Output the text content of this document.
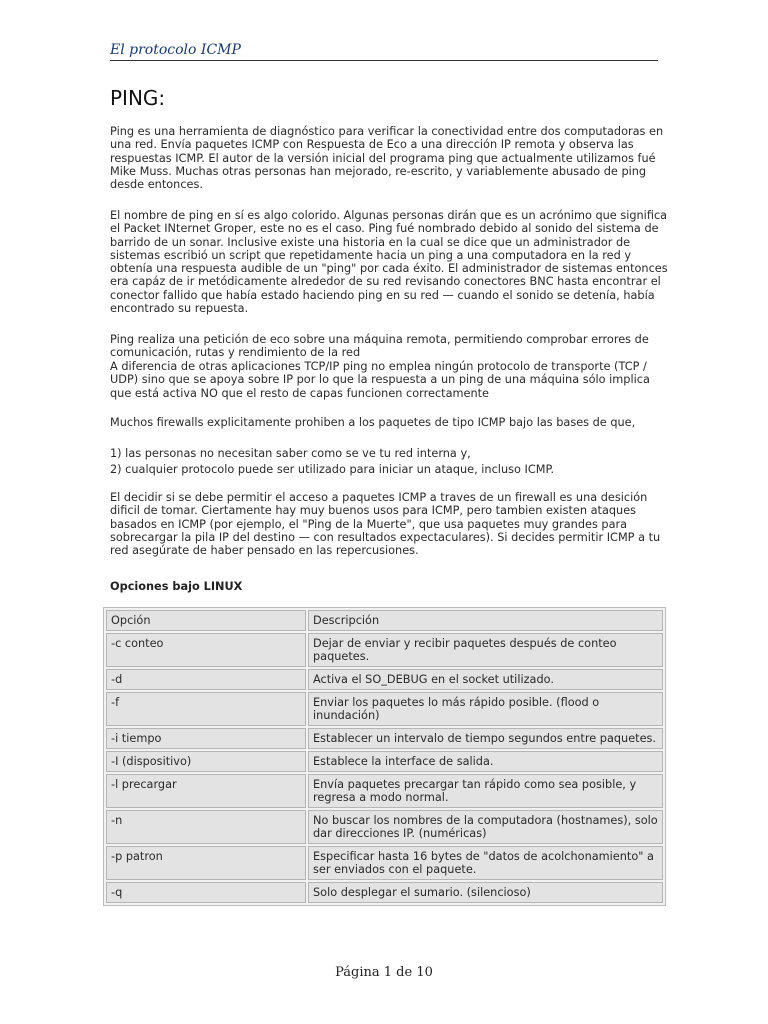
El protocolo ICMP
PING:

Ping es una herramienta de diagnóstico para verificar la conectividad entre dos computadoras en una red. Envía paquetes ICMP con Respuesta de Eco a una dirección IP remota y observa las respuestas ICMP. El autor de la versión inicial del programa ping que actualmente utilizamos fué Mike Muss. Muchas otras personas han mejorado, re-escrito, y variablemente abusado de ping desde entonces.

El nombre de ping en sí es algo colorido. Algunas personas dirán que es un acrónimo que significa el Packet INternet Groper, este no es el caso. Ping fué nombrado debido al sonido del sistema de barrido de un sonar. Inclusive existe una historia en la cual se dice que un administrador de sistemas escribió un script que repetidamente hacia un ping a una computadora en la red y obtenía una respuesta audible de un "ping" por cada éxito. El administrador de sistemas entonces era capáz de ir metódicamente alrededor de su red revisando conectores BNC hasta encontrar el conector fallido que había estado haciendo ping en su red — cuando el sonido se detenía, había encontrado su repuesta.

Ping realiza una petición de eco sobre una máquina remota, permitiendo comprobar errores de comunicación, rutas y rendimiento de la red

A diferencia de otras aplicaciones TCP/IP ping no emplea ningún protocolo de transporte (TCP / UDP) sino que se apoya sobre IP por lo que la respuesta a un ping de una máquina sólo implica que está activa NO que el resto de capas funcionen correctamente

Muchos firewalls explicitamente prohiben a los paquetes de tipo ICMP bajo las bases de que,

1) las personas no necesitan saber como se ve tu red interna y,
2) cualquier protocolo puede ser utilizado para iniciar un ataque, incluso ICMP.

El decidir si se debe permitir el acceso a paquetes ICMP a traves de un firewall es una desición dificil de tomar. Ciertamente hay muy buenos usos para ICMP, pero tambien existen ataques basados en ICMP (por ejemplo, el "Ping de la Muerte", que usa paquetes muy grandes para sobrecargar la pila IP del destino — con resultados expectaculares). Si decides permitir ICMP a tu red asegúrate de haber pensado en las repercusiones.

Opciones bajo LINUX

Opción	Descripción
-c conteo	Dejar de enviar y recibir paquetes después de conteo paquetes.
-d	Activa el SO_DEBUG en el socket utilizado.
-f	Enviar los paquetes lo más rápido posible. (flood o inundación)
-i tiempo	Establecer un intervalo de tiempo segundos entre paquetes.
-I (dispositivo)	Establece la interface de salida.
-l precargar	Envía paquetes precargar tan rápido como sea posible, y regresa a modo normal.
-n	No buscar los nombres de la computadora (hostnames), solo dar direcciones IP. (numéricas)
-p patron	Especificar hasta 16 bytes de "datos de acolchonamiento" a ser enviados con el paquete.
-q	Solo desplegar el sumario. (silencioso)
Página 1 de 10
